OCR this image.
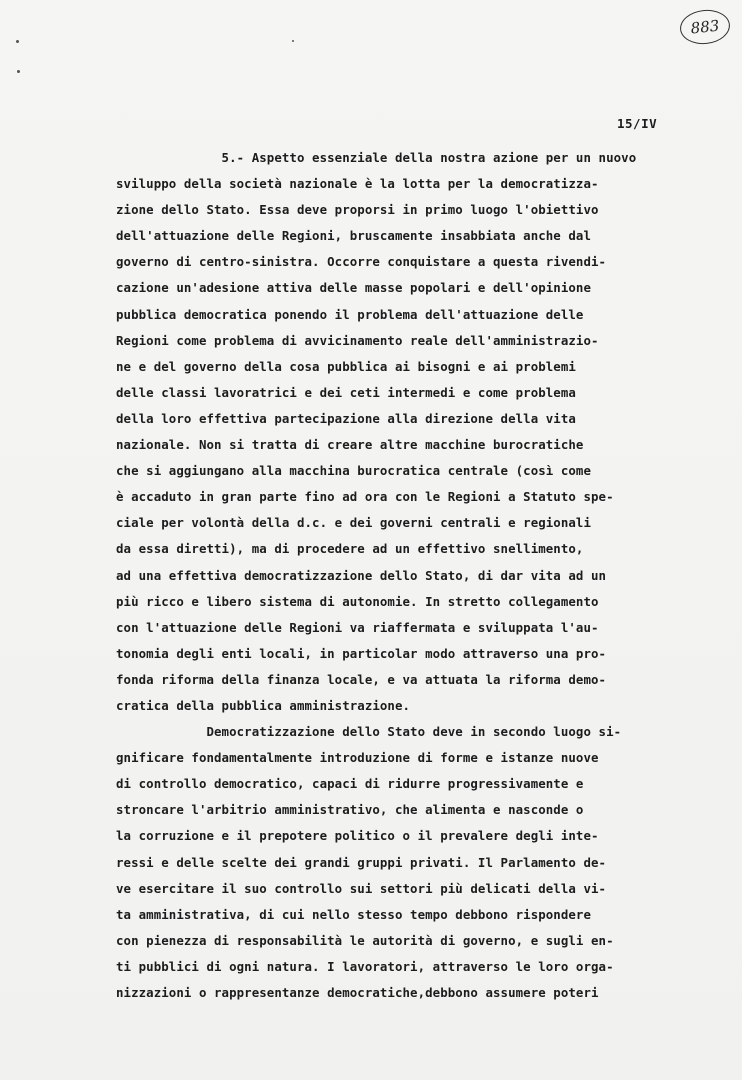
883
15/IV
5.- Aspetto essenziale della nostra azione per un nuovo
sviluppo della società nazionale è la lotta per la democratizza-
zione dello Stato. Essa deve proporsi in primo luogo l'obiettivo
dell'attuazione delle Regioni, bruscamente insabbiata anche dal
governo di centro-sinistra. Occorre conquistare a questa rivendi-
cazione un'adesione attiva delle masse popolari e dell'opinione
pubblica democratica ponendo il problema dell'attuazione delle
Regioni come problema di avvicinamento reale dell'amministrazio-
ne e del governo della cosa pubblica ai bisogni e ai problemi
delle classi lavoratrici e dei ceti intermedi e come problema
della loro effettiva partecipazione alla direzione della vita
nazionale. Non si tratta di creare altre macchine burocratiche
che si aggiungano alla macchina burocratica centrale (così come
è accaduto in gran parte fino ad ora con le Regioni a Statuto spe-
ciale per volontà della d.c. e dei governi centrali e regionali
da essa diretti), ma di procedere ad un effettivo snellimento,
ad una effettiva democratizzazione dello Stato, di dar vita ad un
più ricco e libero sistema di autonomie. In stretto collegamento
con l'attuazione delle Regioni va riaffermata e sviluppata l'au-
tonomia degli enti locali, in particolar modo attraverso una pro-
fonda riforma della finanza locale, e va attuata la riforma demo-
cratica della pubblica amministrazione.
Democratizzazione dello Stato deve in secondo luogo si-
gnificare fondamentalmente introduzione di forme e istanze nuove
di controllo democratico, capaci di ridurre progressivamente e
stroncare l'arbitrio amministrativo, che alimenta e nasconde o
la corruzione e il prepotere politico o il prevalere degli inte-
ressi e delle scelte dei grandi gruppi privati. Il Parlamento de-
ve esercitare il suo controllo sui settori più delicati della vi-
ta amministrativa, di cui nello stesso tempo debbono rispondere
con pienezza di responsabilità le autorità di governo, e sugli en-
ti pubblici di ogni natura. I lavoratori, attraverso le loro orga-
nizzazioni o rappresentanze democratiche,debbono assumere poteri
